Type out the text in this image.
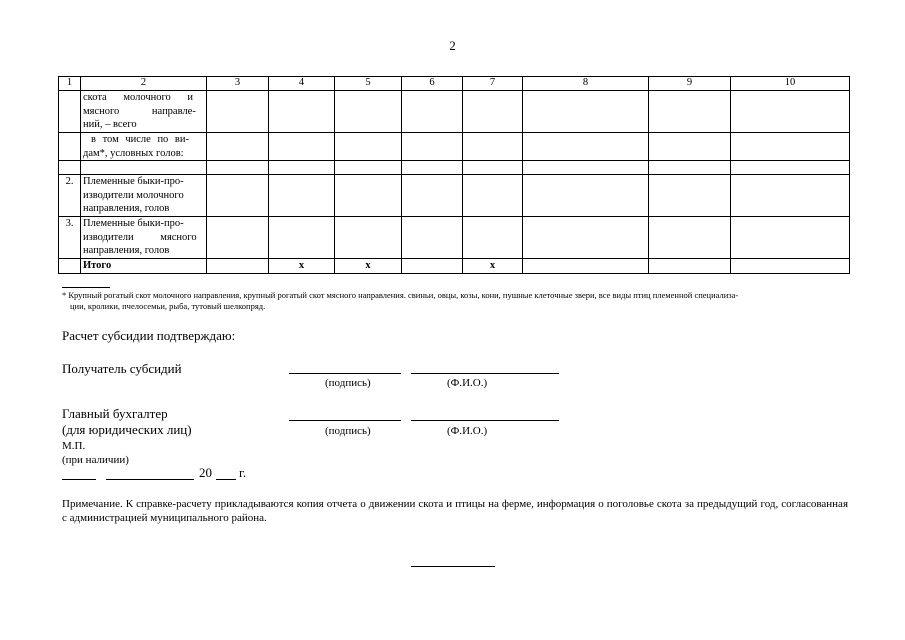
2
1	2	3	4	5	6	7	8	9	10

	скота молочного и
мясного направле-
ний, – всего								

	в том числе по ви-
дам*, условных голов:								

2.	Племенные быки-про-
изводители молочного
направления, голов								

3.	Племенные быки-про-
изводители мясного
направления, голов								

	Итого		x	x		x			
* Крупный рогатый скот молочного направления, крупный рогатый скот мясного направления. свиньи, овцы, козы, кони, пушные клеточные звери, все виды птиц племенной специализа-
ции, кролики, пчелосемьи, рыба, тутовый шелкопряд.
Расчет субсидии подтверждаю:
Получатель субсидий
(подпись)	(Ф.И.О.)
Главный бухгалтер
(для юридических лиц)	(подпись)	(Ф.И.О.)
М.П.
(при наличии)
20 г.
Примечание. К справке-расчету прикладываются копия отчета о движении скота и птицы на ферме, информация о поголовье скота за предыдущий год, согласованная с администрацией муниципального района.
